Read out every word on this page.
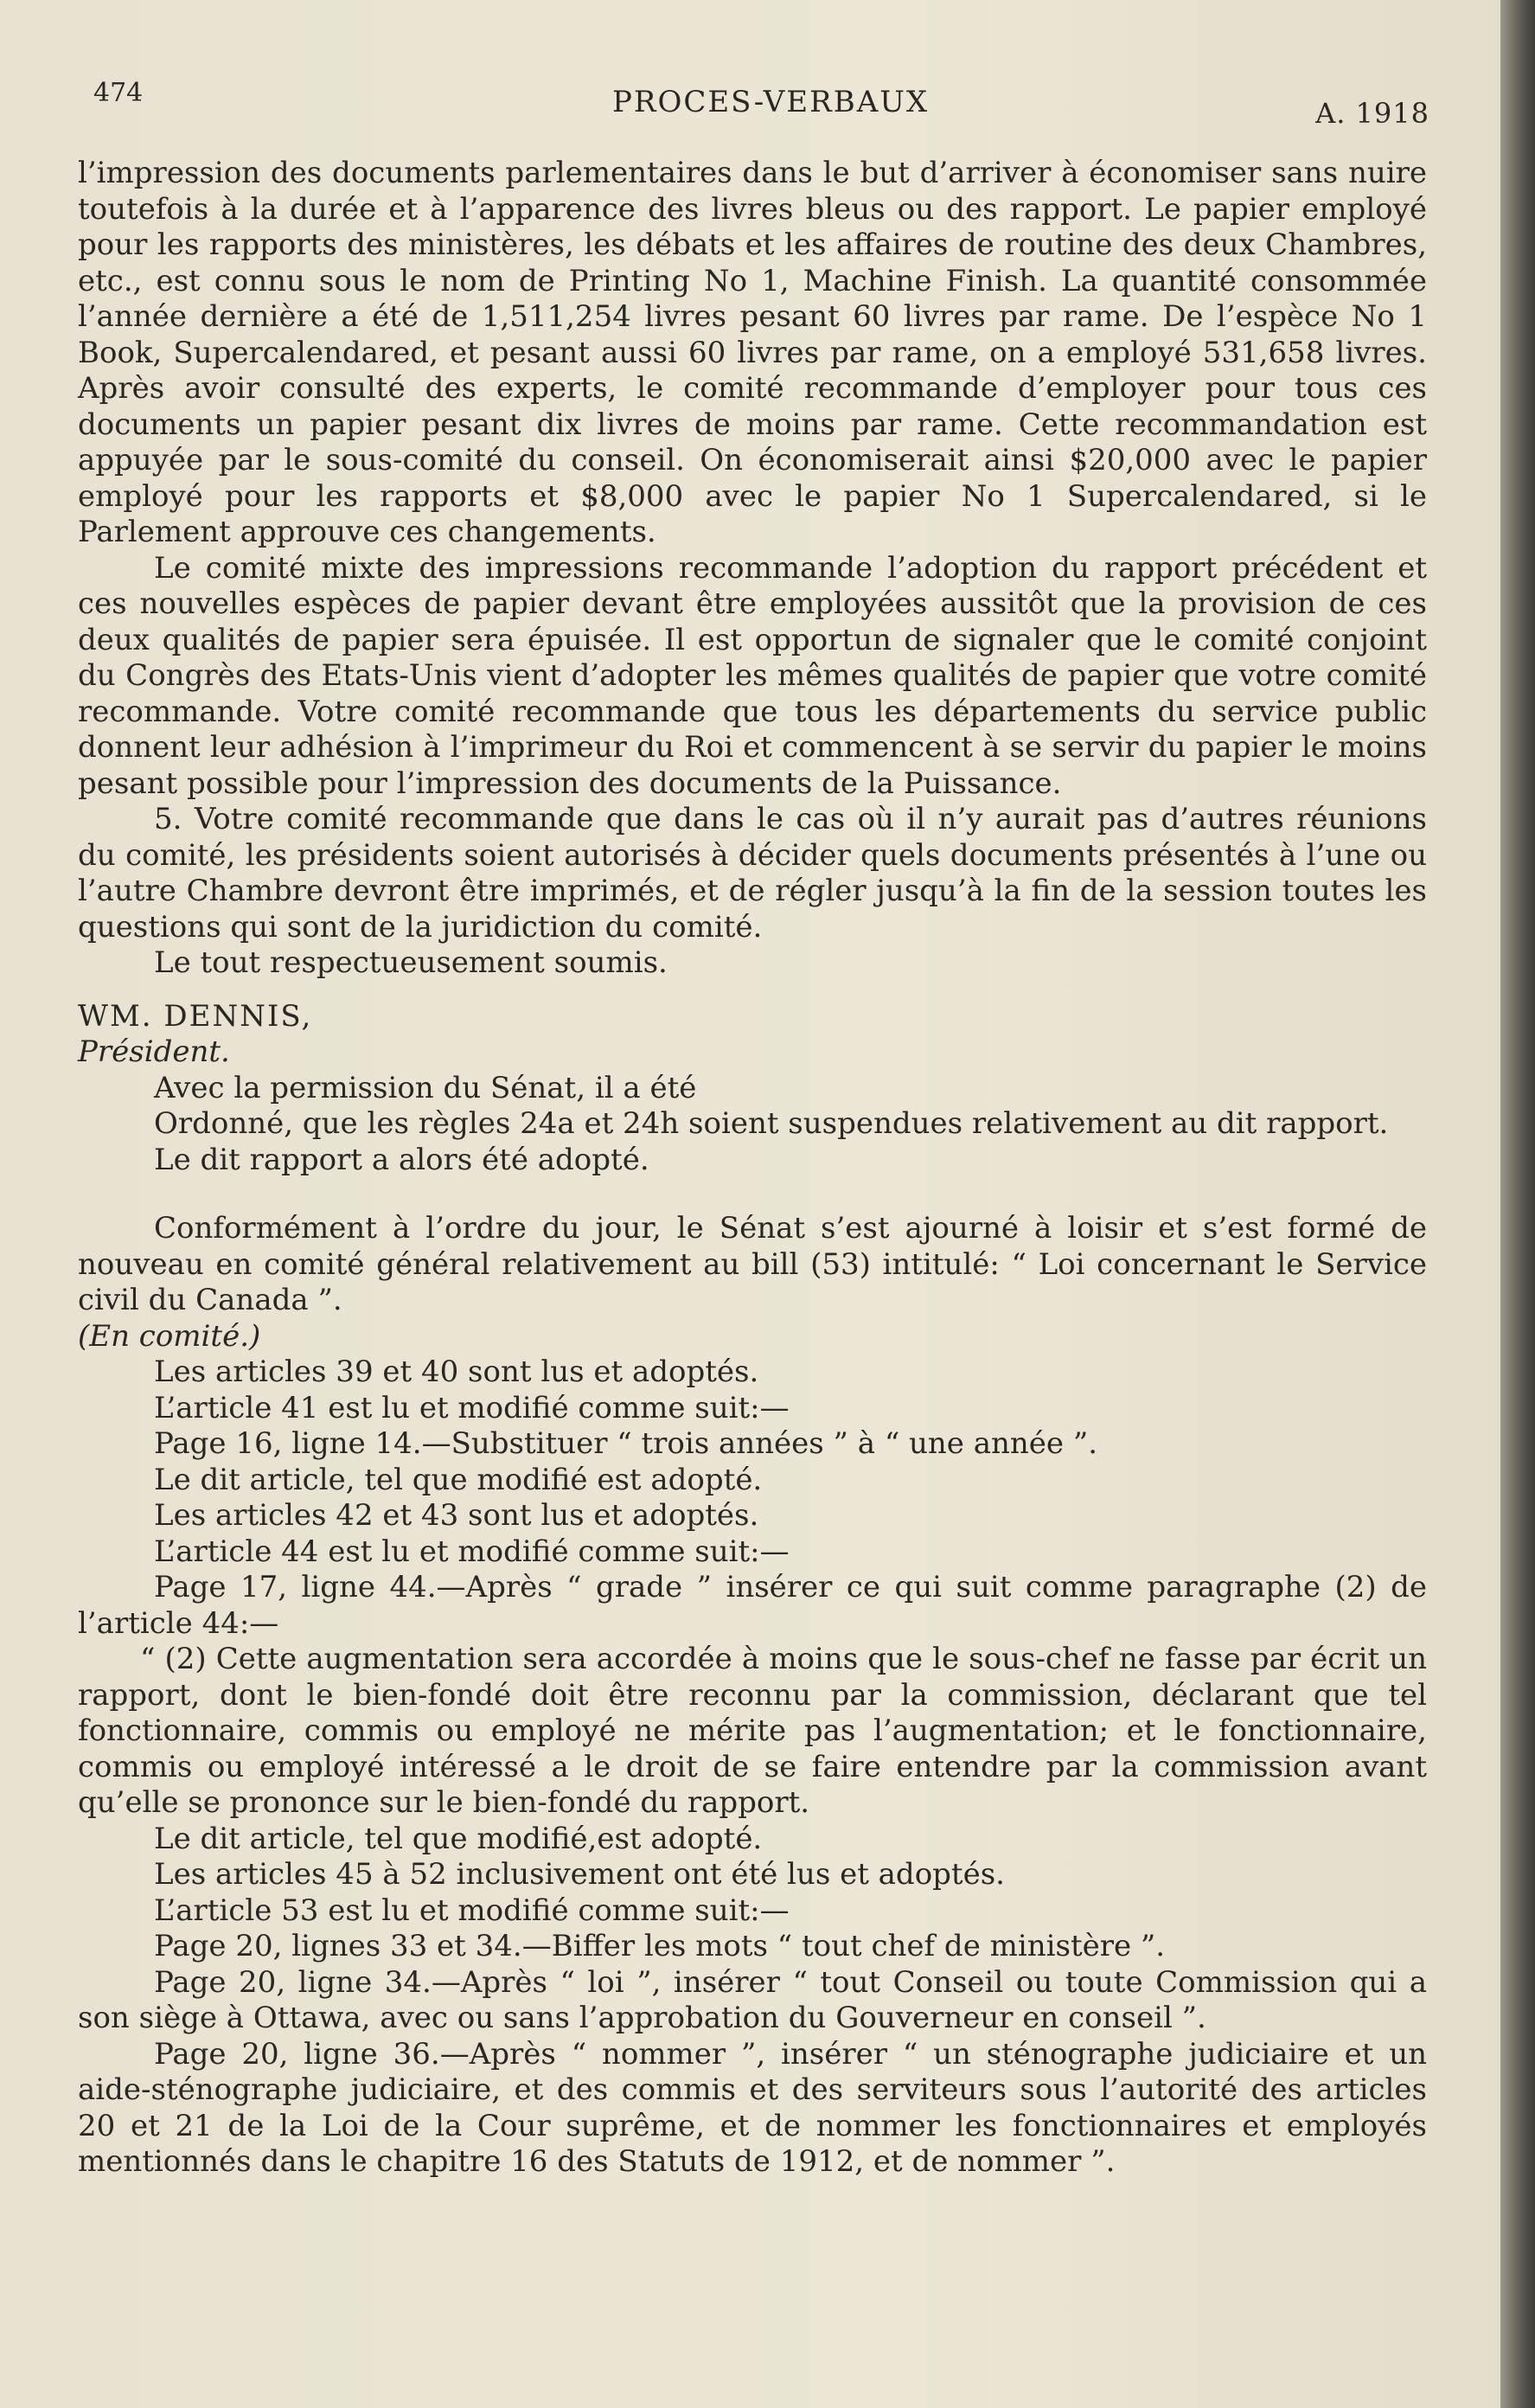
474	PROCES-VERBAUX	A. 1918

l’impression des documents parlementaires dans le but d’arriver à économiser sans nuire toutefois à la durée et à l’apparence des livres bleus ou des rapport. Le papier employé pour les rapports des ministères, les débats et les affaires de routine des deux Chambres, etc., est connu sous le nom de Printing No 1, Machine Finish. La quantité consommée l’année dernière a été de 1,511,254 livres pesant 60 livres par rame. De l’espèce No 1 Book, Supercalendared, et pesant aussi 60 livres par rame, on a employé 531,658 livres. Après avoir consulté des experts, le comité recommande d’employer pour tous ces documents un papier pesant dix livres de moins par rame. Cette recommandation est appuyée par le sous-comité du conseil. On économiserait ainsi $20,000 avec le papier employé pour les rapports et $8,000 avec le papier No 1 Supercalendared, si le Parlement approuve ces changements.

Le comité mixte des impressions recommande l’adoption du rapport précédent et ces nouvelles espèces de papier devant être employées aussitôt que la provision de ces deux qualités de papier sera épuisée. Il est opportun de signaler que le comité conjoint du Congrès des Etats-Unis vient d’adopter les mêmes qualités de papier que votre comité recommande. Votre comité recommande que tous les départements du service public donnent leur adhésion à l’imprimeur du Roi et commencent à se servir du papier le moins pesant possible pour l’impression des documents de la Puissance.

5. Votre comité recommande que dans le cas où il n’y aurait pas d’autres réunions du comité, les présidents soient autorisés à décider quels documents présentés à l’une ou l’autre Chambre devront être imprimés, et de régler jusqu’à la fin de la session toutes les questions qui sont de la juridiction du comité.

Le tout respectueusement soumis.

WM. DENNIS,

Président.

Avec la permission du Sénat, il a été

Ordonné, que les règles 24a et 24h soient suspendues relativement au dit rapport.

Le dit rapport a alors été adopté.

Conformément à l’ordre du jour, le Sénat s’est ajourné à loisir et s’est formé de nouveau en comité général relativement au bill (53) intitulé: “ Loi concernant le Service civil du Canada ”.

(En comité.)

Les articles 39 et 40 sont lus et adoptés.

L’article 41 est lu et modifié comme suit:—

Page 16, ligne 14.—Substituer “ trois années ” à “ une année ”.

Le dit article, tel que modifié est adopté.

Les articles 42 et 43 sont lus et adoptés.

L’article 44 est lu et modifié comme suit:—

Page 17, ligne 44.—Après “ grade ” insérer ce qui suit comme paragraphe (2) de l’article 44:—

“ (2) Cette augmentation sera accordée à moins que le sous-chef ne fasse par écrit un rapport, dont le bien-fondé doit être reconnu par la commission, déclarant que tel fonctionnaire, commis ou employé ne mérite pas l’augmentation; et le fonctionnaire, commis ou employé intéressé a le droit de se faire entendre par la commission avant qu’elle se prononce sur le bien-fondé du rapport.

Le dit article, tel que modifié,est adopté.

Les articles 45 à 52 inclusivement ont été lus et adoptés.

L’article 53 est lu et modifié comme suit:—

Page 20, lignes 33 et 34.—Biffer les mots “ tout chef de ministère ”.

Page 20, ligne 34.—Après “ loi ”, insérer “ tout Conseil ou toute Commission qui a son siège à Ottawa, avec ou sans l’approbation du Gouverneur en conseil ”.

Page 20, ligne 36.—Après “ nommer ”, insérer “ un sténographe judiciaire et un aide-sténographe judiciaire, et des commis et des serviteurs sous l’autorité des articles 20 et 21 de la Loi de la Cour suprême, et de nommer les fonctionnaires et employés mentionnés dans le chapitre 16 des Statuts de 1912, et de nommer ”.
